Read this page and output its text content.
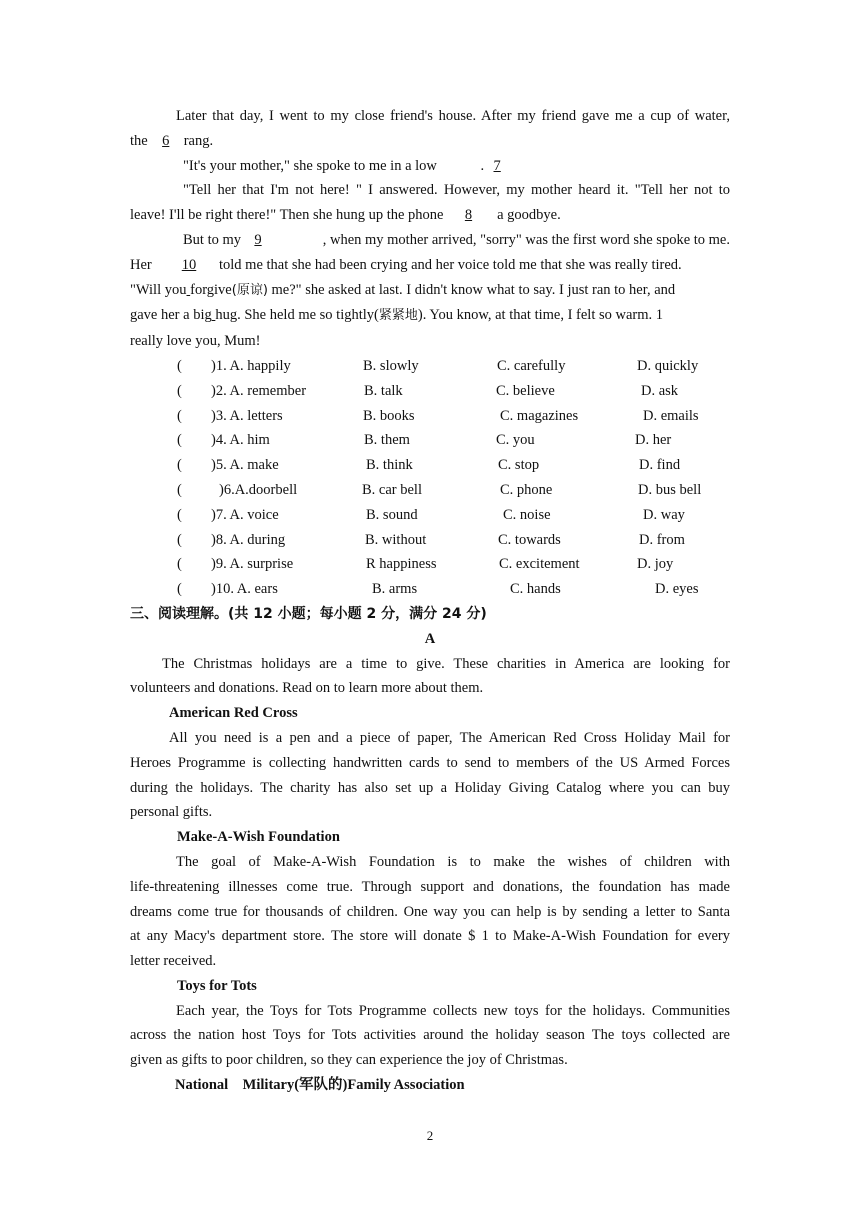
Later that day, I went to my close friend's house. After my friend gave me a cup of water,
the 6 rang.
"It's your mother," she spoke to me in a low	7.
"Tell her that I'm not here! " I answered. However, my mother heard it. "Tell her not to
leave! I'll be right there!" Then she hung up the phone 8 a goodbye.
But to my 9	, when my mother arrived, "sorry" was the first word she spoke to me.
Her  10 told me that she had been crying and her voice told me that she was really tired.
"Will you forgive(原谅) me?" she asked at last. I didn't know what to say. I just ran to her, and
gave her a big hug. She held me so tightly(紧紧地). You know, at that time, I felt so warm. 1
really love you, Mum!
( )1. A. happily	B. slowly	C. carefully	D. quickly
( )2. A. remember	B. talk	C. believe	D. ask
( )3. A. letters	B. books	C. magazines	D. emails
( )4. A. him	B. them	C. you	D. her
( )5. A. make	B. think	C. stop	D. find
(	)6.A.doorbell	B. car bell	C. phone	D. bus bell
( )7. A. voice	B. sound	C. noise	D. way
( )8. A. during	B. without	C. towards	D. from
( )9. A. surprise	R happiness	C. excitement	D. joy
( )10. A. ears	B. arms	C. hands	D. eyes
三、阅读理解。(共 12 小题；每小题 2 分，满分 24 分)
A
The Christmas holidays are a time to give. These charities in America are looking for
volunteers and donations. Read on to learn more about them.
American Red Cross
All you need is a pen and a piece of paper, The American Red Cross Holiday Mail for
Heroes Programme is collecting handwritten cards to send to members of the US Armed Forces
during the holidays. The charity has also set up a Holiday Giving Catalog where you can buy
personal gifts.
Make-A-Wish Foundation
The goal of Make-A-Wish Foundation is to make the wishes of children with
life-threatening illnesses come true. Through support and donations, the foundation has made
dreams come true for thousands of children. One way you can help is by sending a letter to Santa
at any Macy's department store. The store will donate $ 1 to Make-A-Wish Foundation for every
letter received.
Toys for Tots
Each year, the Toys for Tots Programme collects new toys for the holidays. Communities
across the nation host Toys for Tots activities around the holiday season The toys collected are
given as gifts to poor children, so they can experience the joy of Christmas.
National Military(军队的)Family Association
2
